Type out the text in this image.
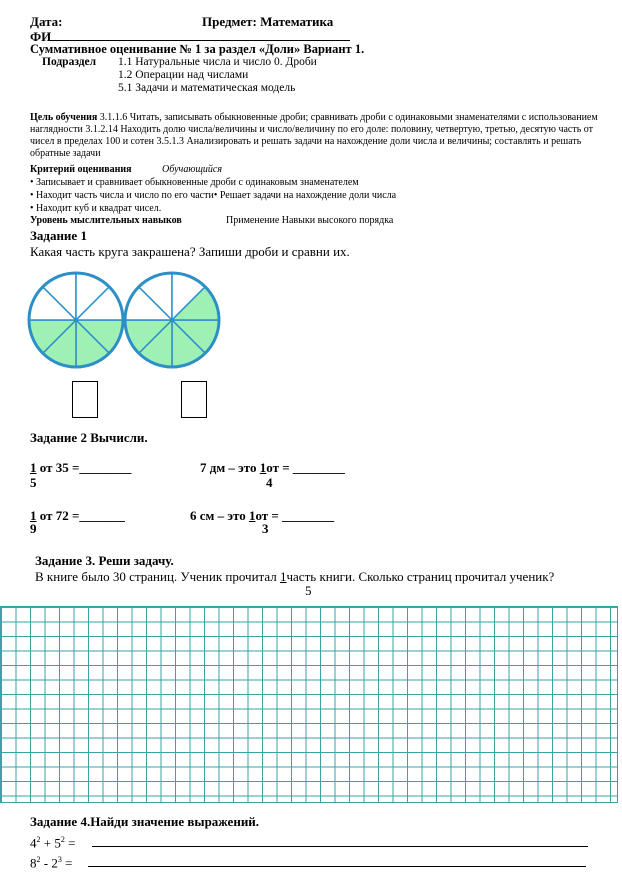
Дата:	Предмет: Математика
ФИ
Суммативное оценивание № 1 за раздел «Доли» Вариант 1.
Подраздел 1.1 Натуральные числа и число 0. Дроби
1.2 Операции над числами
5.1 Задачи и математическая модель
Цель обучения 3.1.1.6 Читать, записывать обыкновенные дроби; сравнивать дроби с одинаковыми знаменателями с использованием наглядности 3.1.2.14 Находить долю числа/величины и число/величину по его доле: половину, четвертую, третью, десятую часть от чисел в пределах 100 и сотен 3.5.1.3 Анализировать и решать задачи на нахождение доли числа и величины; составлять и решать обратные задачи
Критерий оценивания	Обучающийся
• Записывает и сравнивает обыкновенные дроби с одинаковым знаменателем
• Находит часть числа и число по его части• Решает задачи на нахождение доли числа
• Находит куб и квадрат чисел.
Уровень мыслительных навыков	Применение Навыки высокого порядка
Задание 1
Какая часть круга закрашена? Запиши дроби и сравни их.
Задание 2 Вычисли.
1 от 35 =________
5
7 дм – это 1от = ________
4
1 от 72 =_______
9
6 см – это 1от = ________
3
Задание 3. Реши задачу.
В книге было 30 страниц. Ученик прочитал 1часть книги. Сколько страниц прочитал ученик?
5
Задание 4.Найди значение выражений.
$4^2 + 5^2$ =
$8^2 - 2^3$ =
